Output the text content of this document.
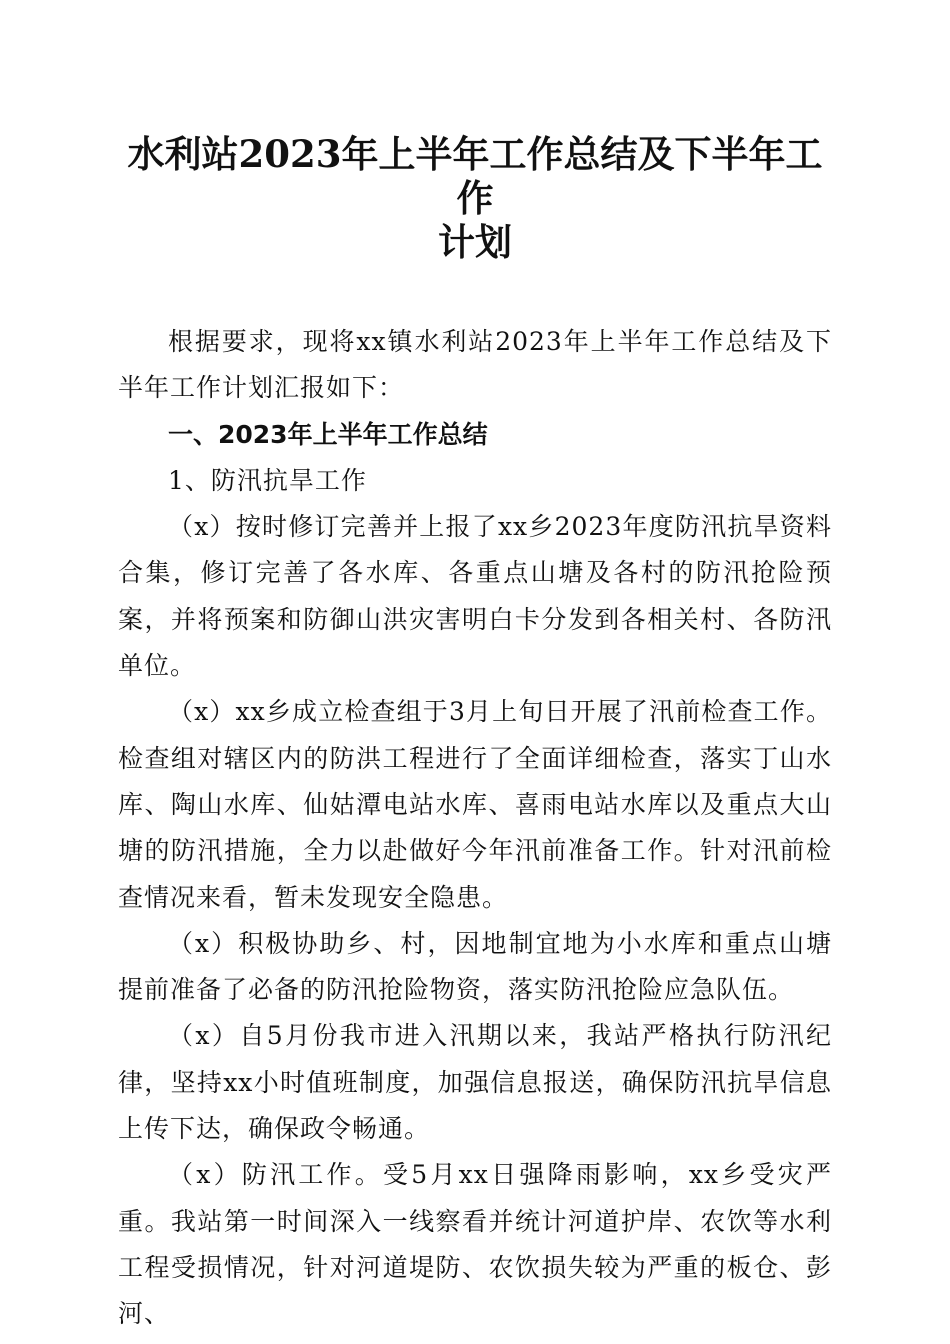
水利站2023年上半年工作总结及下半年工作
计划

根据要求，现将xx镇水利站2023年上半年工作总结及下半年工作计划汇报如下：

一、2023年上半年工作总结

1、防汛抗旱工作

（x）按时修订完善并上报了xx乡2023年度防汛抗旱资料合集，修订完善了各水库、各重点山塘及各村的防汛抢险预案，并将预案和防御山洪灾害明白卡分发到各相关村、各防汛单位。

（x）xx乡成立检查组于3月上旬日开展了汛前检查工作。检查组对辖区内的防洪工程进行了全面详细检查，落实丁山水库、陶山水库、仙姑潭电站水库、喜雨电站水库以及重点大山塘的防汛措施，全力以赴做好今年汛前准备工作。针对汛前检查情况来看，暂未发现安全隐患。

（x）积极协助乡、村，因地制宜地为小水库和重点山塘提前准备了必备的防汛抢险物资，落实防汛抢险应急队伍。

（x）自5月份我市进入汛期以来，我站严格执行防汛纪律，坚持xx小时值班制度，加强信息报送，确保防汛抗旱信息上传下达，确保政令畅通。

（x）防汛工作。受5月xx日强降雨影响，xx乡受灾严重。我站第一时间深入一线察看并统计河道护岸、农饮等水利工程受损情况，针对河道堤防、农饮损失较为严重的板仓、彭河、
